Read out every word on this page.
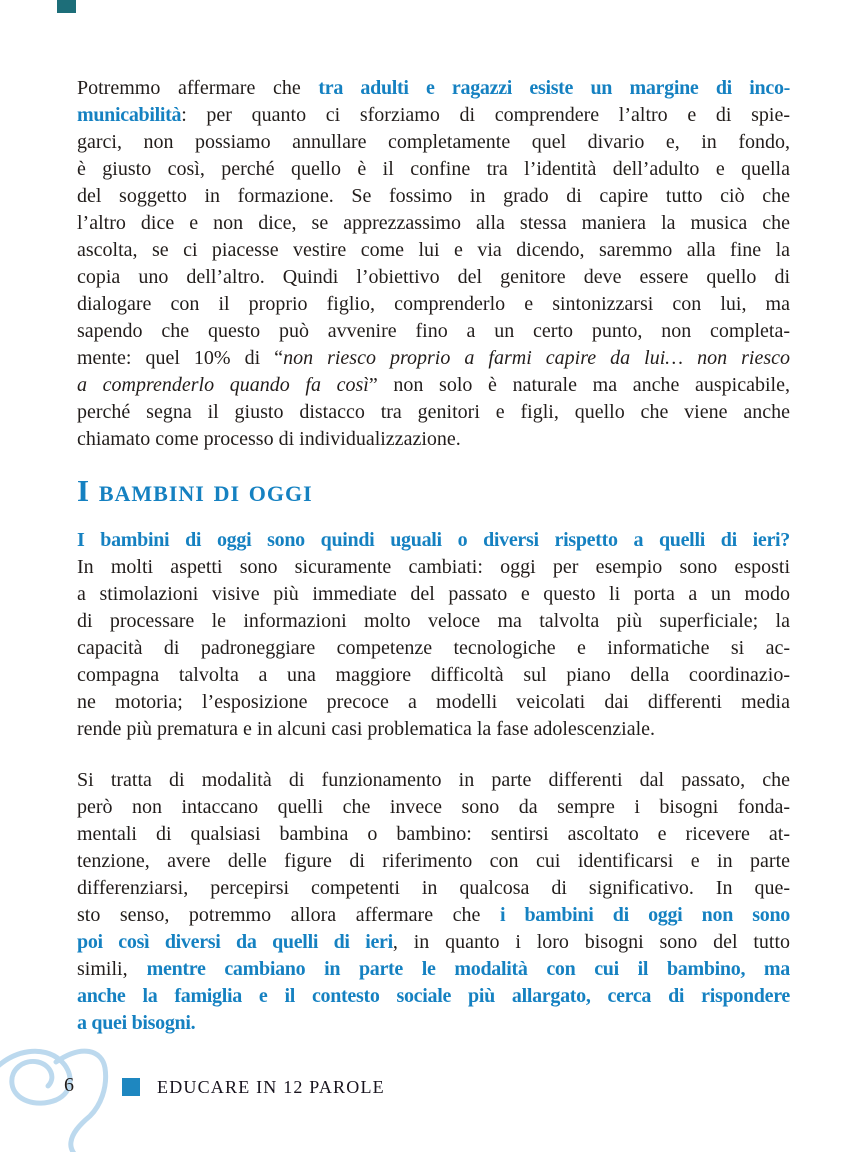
Potremmo affermare che tra adulti e ragazzi esiste un margine di inco-
municabilità: per quanto ci sforziamo di comprendere l’altro e di spie-
garci, non possiamo annullare completamente quel divario e, in fondo,
è giusto così, perché quello è il confine tra l’identità dell’adulto e quella
del soggetto in formazione. Se fossimo in grado di capire tutto ciò che
l’altro dice e non dice, se apprezzassimo alla stessa maniera la musica che
ascolta, se ci piacesse vestire come lui e via dicendo, saremmo alla fine la
copia uno dell’altro. Quindi l’obiettivo del genitore deve essere quello di
dialogare con il proprio figlio, comprenderlo e sintonizzarsi con lui, ma
sapendo che questo può avvenire fino a un certo punto, non completa-
mente: quel 10% di “non riesco proprio a farmi capire da lui… non riesco
a comprenderlo quando fa così” non solo è naturale ma anche auspicabile,
perché segna il giusto distacco tra genitori e figli, quello che viene anche
chiamato come processo di individualizzazione.
I bambini di oggi
I bambini di oggi sono quindi uguali o diversi rispetto a quelli di ieri?
In molti aspetti sono sicuramente cambiati: oggi per esempio sono esposti
a stimolazioni visive più immediate del passato e questo li porta a un modo
di processare le informazioni molto veloce ma talvolta più superficiale; la
capacità di padroneggiare competenze tecnologiche e informatiche si ac-
compagna talvolta a una maggiore difficoltà sul piano della coordinazio-
ne motoria; l’esposizione precoce a modelli veicolati dai differenti media
rende più prematura e in alcuni casi problematica la fase adolescenziale.
Si tratta di modalità di funzionamento in parte differenti dal passato, che
però non intaccano quelli che invece sono da sempre i bisogni fonda-
mentali di qualsiasi bambina o bambino: sentirsi ascoltato e ricevere at-
tenzione, avere delle figure di riferimento con cui identificarsi e in parte
differenziarsi, percepirsi competenti in qualcosa di significativo. In que-
sto senso, potremmo allora affermare che i bambini di oggi non sono
poi così diversi da quelli di ieri, in quanto i loro bisogni sono del tutto
simili, mentre cambiano in parte le modalità con cui il bambino, ma
anche la famiglia e il contesto sociale più allargato, cerca di rispondere
a quei bisogni.
6	EDUCARE IN 12 PAROLE
